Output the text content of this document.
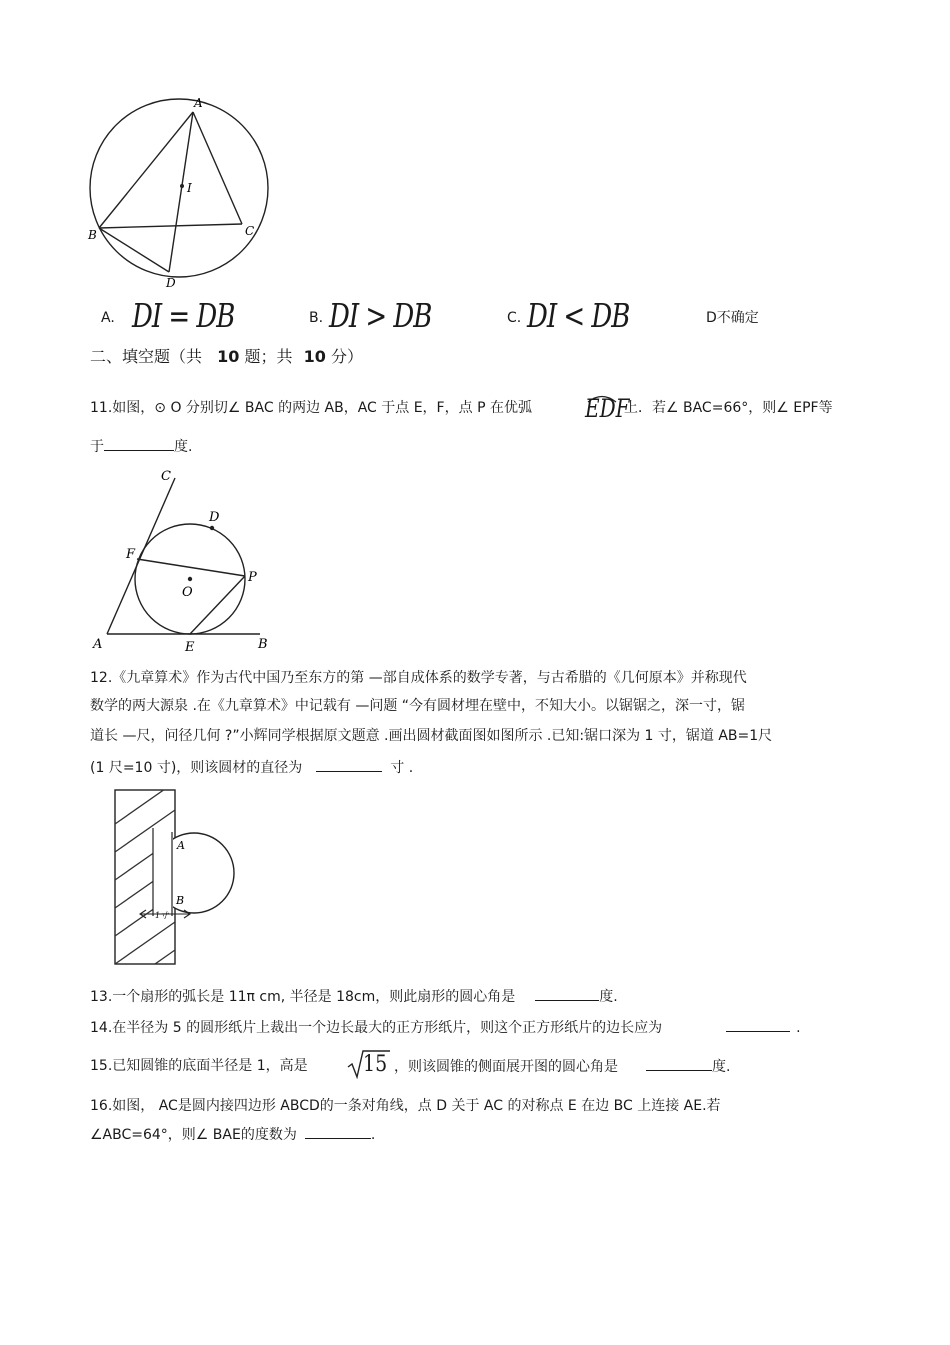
A
I
B	C
D
A. DI = DB	B. DI > DB	C. DI < DB	D不确定
二、填空题（共 10 题；共 10 分）
11.如图，⊙ O 分别切∠ BAC 的两边 AB，AC 于点 E，F，点 P 在优弧	EDF
上．若∠ BAC=66°，则∠ EPF等
于	度.
C
D
F
P
O
A	E	B
12.《九章算术》作为古代中国乃至东方的第 —部自成体系的数学专著，与古希腊的《几何原本》并称现代
数学的两大源泉 .在《九章算术》中记载有 —问题 “今有圆材埋在壁中，不知大小。以锯锯之，深一寸，锯
道长 —尺，问径几何 ?”小辉同学根据原文题意 .画出圆材截面图如图所示 .已知:锯口深为 1 寸，锯道 AB=1尺
(1 尺=10 寸)，则该圆材的直径为	寸 .
A
B
1寸
13.一个扇形的弧长是 11π cm, 半径是 18cm，则此扇形的圆心角是	度.
14.在半径为 5 的圆形纸片上裁出一个边长最大的正方形纸片，则这个正方形纸片的边长应为	.
15.已知圆锥的底面半径是 1，高是	15 ，则该圆锥的侧面展开图的圆心角是	度.
16.如图， AC是圆内接四边形 ABCD的一条对角线，点 D 关于 AC 的对称点 E 在边 BC 上连接 AE.若
∠ABC=64°，则∠ BAE的度数为	.
